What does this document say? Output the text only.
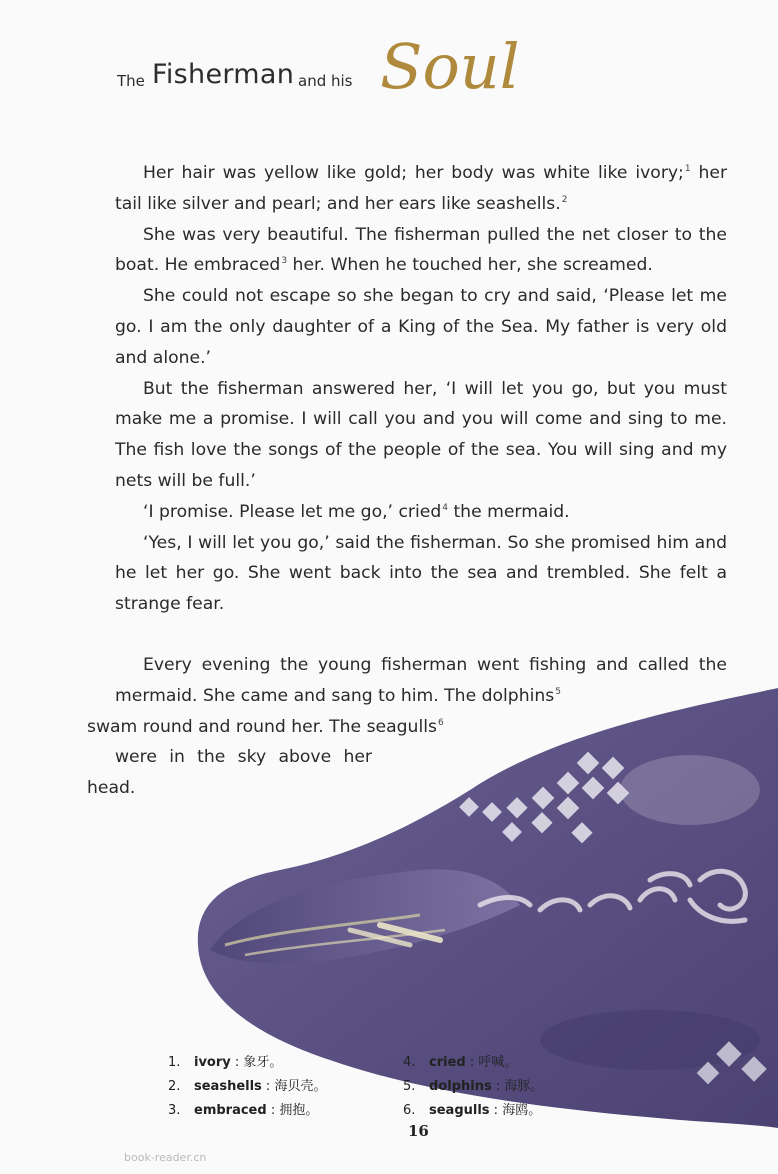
The Fisherman and his Soul

Her hair was yellow like gold; her body was white like ivory;$^1$ her tail like silver and pearl; and her ears like seashells.$^2$

She was very beautiful. The fisherman pulled the net closer to the boat. He embraced$^3$ her. When he touched her, she screamed.

She could not escape so she began to cry and said, ‘Please let me go. I am the only daughter of a King of the Sea. My father is very old and alone.’

But the fisherman answered her, ‘I will let you go, but you must make me a promise. I will call you and you will come and sing to me. The fish love the songs of the people of the sea. You will sing and my nets will be full.’

‘I promise. Please let me go,’ cried$^4$ the mermaid.

‘Yes, I will let you go,’ said the fisherman. So she promised him and he let her go. She went back into the sea and trembled. She felt a strange fear.

Every evening the young fisherman went fishing and called the mermaid. She came and sang to him. The dolphins$^5$
swam round and round her. The seagulls$^6$

were in the sky above her
head.

1. ivory : 象牙。
2. seashells : 海贝壳。
3. embraced : 拥抱。
4. cried : 呼喊。
5. dolphins : 海豚。
6. seagulls : 海鸥。
16
book-reader.cn
